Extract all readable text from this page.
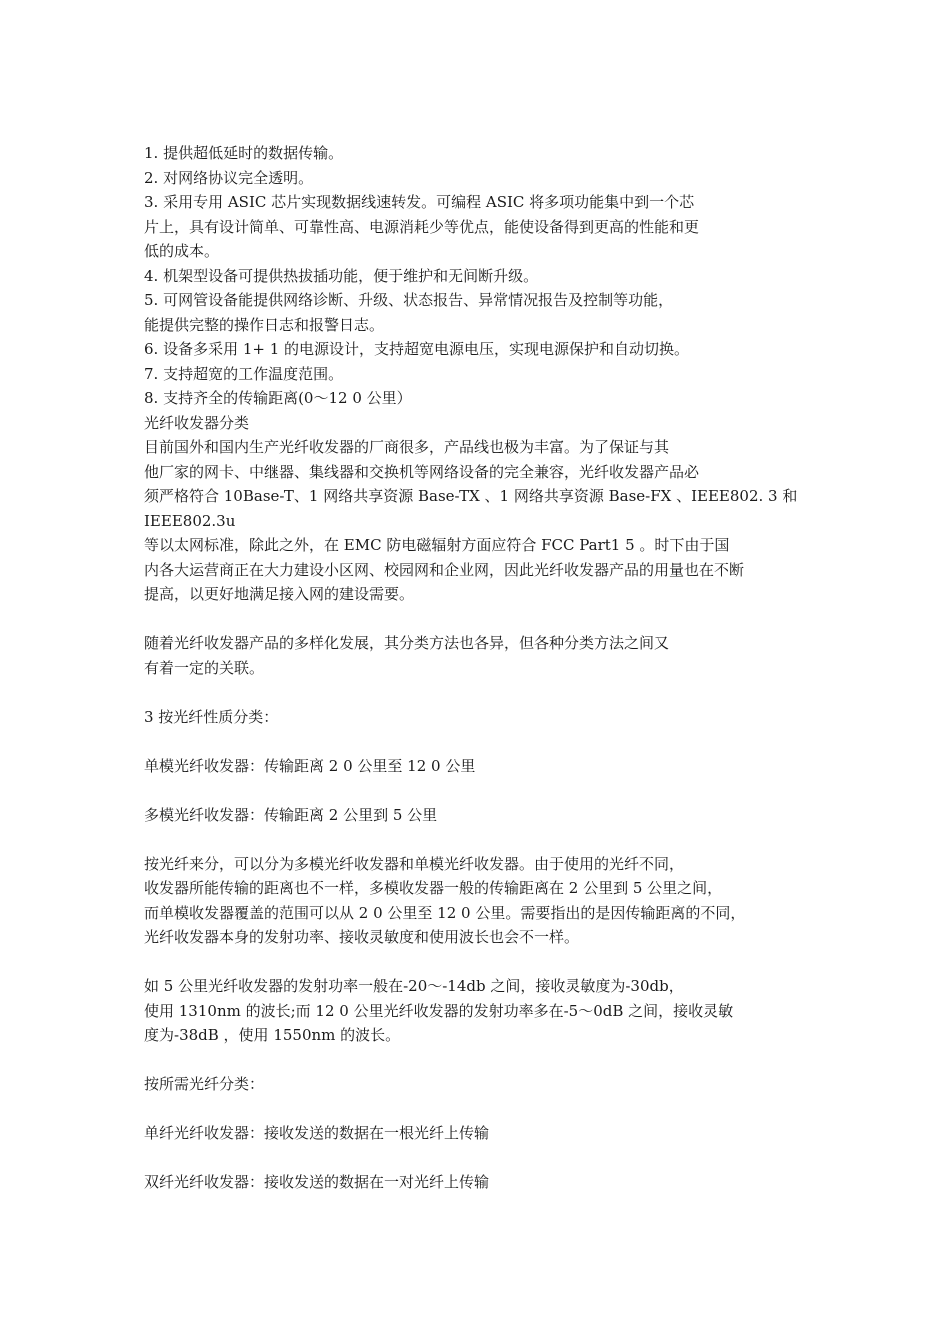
1. 提供超低延时的数据传输。
2. 对网络协议完全透明。
3. 采用专用 ASIC 芯片实现数据线速转发。可编程 ASIC 将多项功能集中到一个芯
片上，具有设计简单、可靠性高、电源消耗少等优点，能使设备得到更高的性能和更
低的成本。
4. 机架型设备可提供热拔插功能，便于维护和无间断升级。
5. 可网管设备能提供网络诊断、升级、状态报告、异常情况报告及控制等功能，
能提供完整的操作日志和报警日志。
6. 设备多采用 1+ 1 的电源设计，支持超宽电源电压，实现电源保护和自动切换。
7. 支持超宽的工作温度范围。
8. 支持齐全的传输距离(0～12 0 公里）
光纤收发器分类
目前国外和国内生产光纤收发器的厂商很多，产品线也极为丰富。为了保证与其
他厂家的网卡、中继器、集线器和交换机等网络设备的完全兼容，光纤收发器产品必
须严格符合 10Base-T、1 网络共享资源 Base-TX 、1 网络共享资源 Base-FX 、IEEE802. 3 和
IEEE802.3u
等以太网标准，除此之外，在 EMC 防电磁辐射方面应符合 FCC Part1 5 。时下由于国
内各大运营商正在大力建设小区网、校园网和企业网，因此光纤收发器产品的用量也在不断
提高，以更好地满足接入网的建设需要。
随着光纤收发器产品的多样化发展，其分类方法也各异，但各种分类方法之间又
有着一定的关联。
3 按光纤性质分类：
单模光纤收发器：传输距离 2 0 公里至 12 0 公里
多模光纤收发器：传输距离 2 公里到 5 公里
按光纤来分，可以分为多模光纤收发器和单模光纤收发器。由于使用的光纤不同，
收发器所能传输的距离也不一样，多模收发器一般的传输距离在 2 公里到 5 公里之间，
而单模收发器覆盖的范围可以从 2 0 公里至 12 0 公里。需要指出的是因传输距离的不同，
光纤收发器本身的发射功率、接收灵敏度和使用波长也会不一样。
如 5 公里光纤收发器的发射功率一般在-20～-14db 之间，接收灵敏度为-30db，
使用 1310nm 的波长;而 12 0 公里光纤收发器的发射功率多在-5～0dB 之间，接收灵敏
度为-38dB ，使用 1550nm 的波长。
按所需光纤分类：
单纤光纤收发器：接收发送的数据在一根光纤上传输
双纤光纤收发器：接收发送的数据在一对光纤上传输
